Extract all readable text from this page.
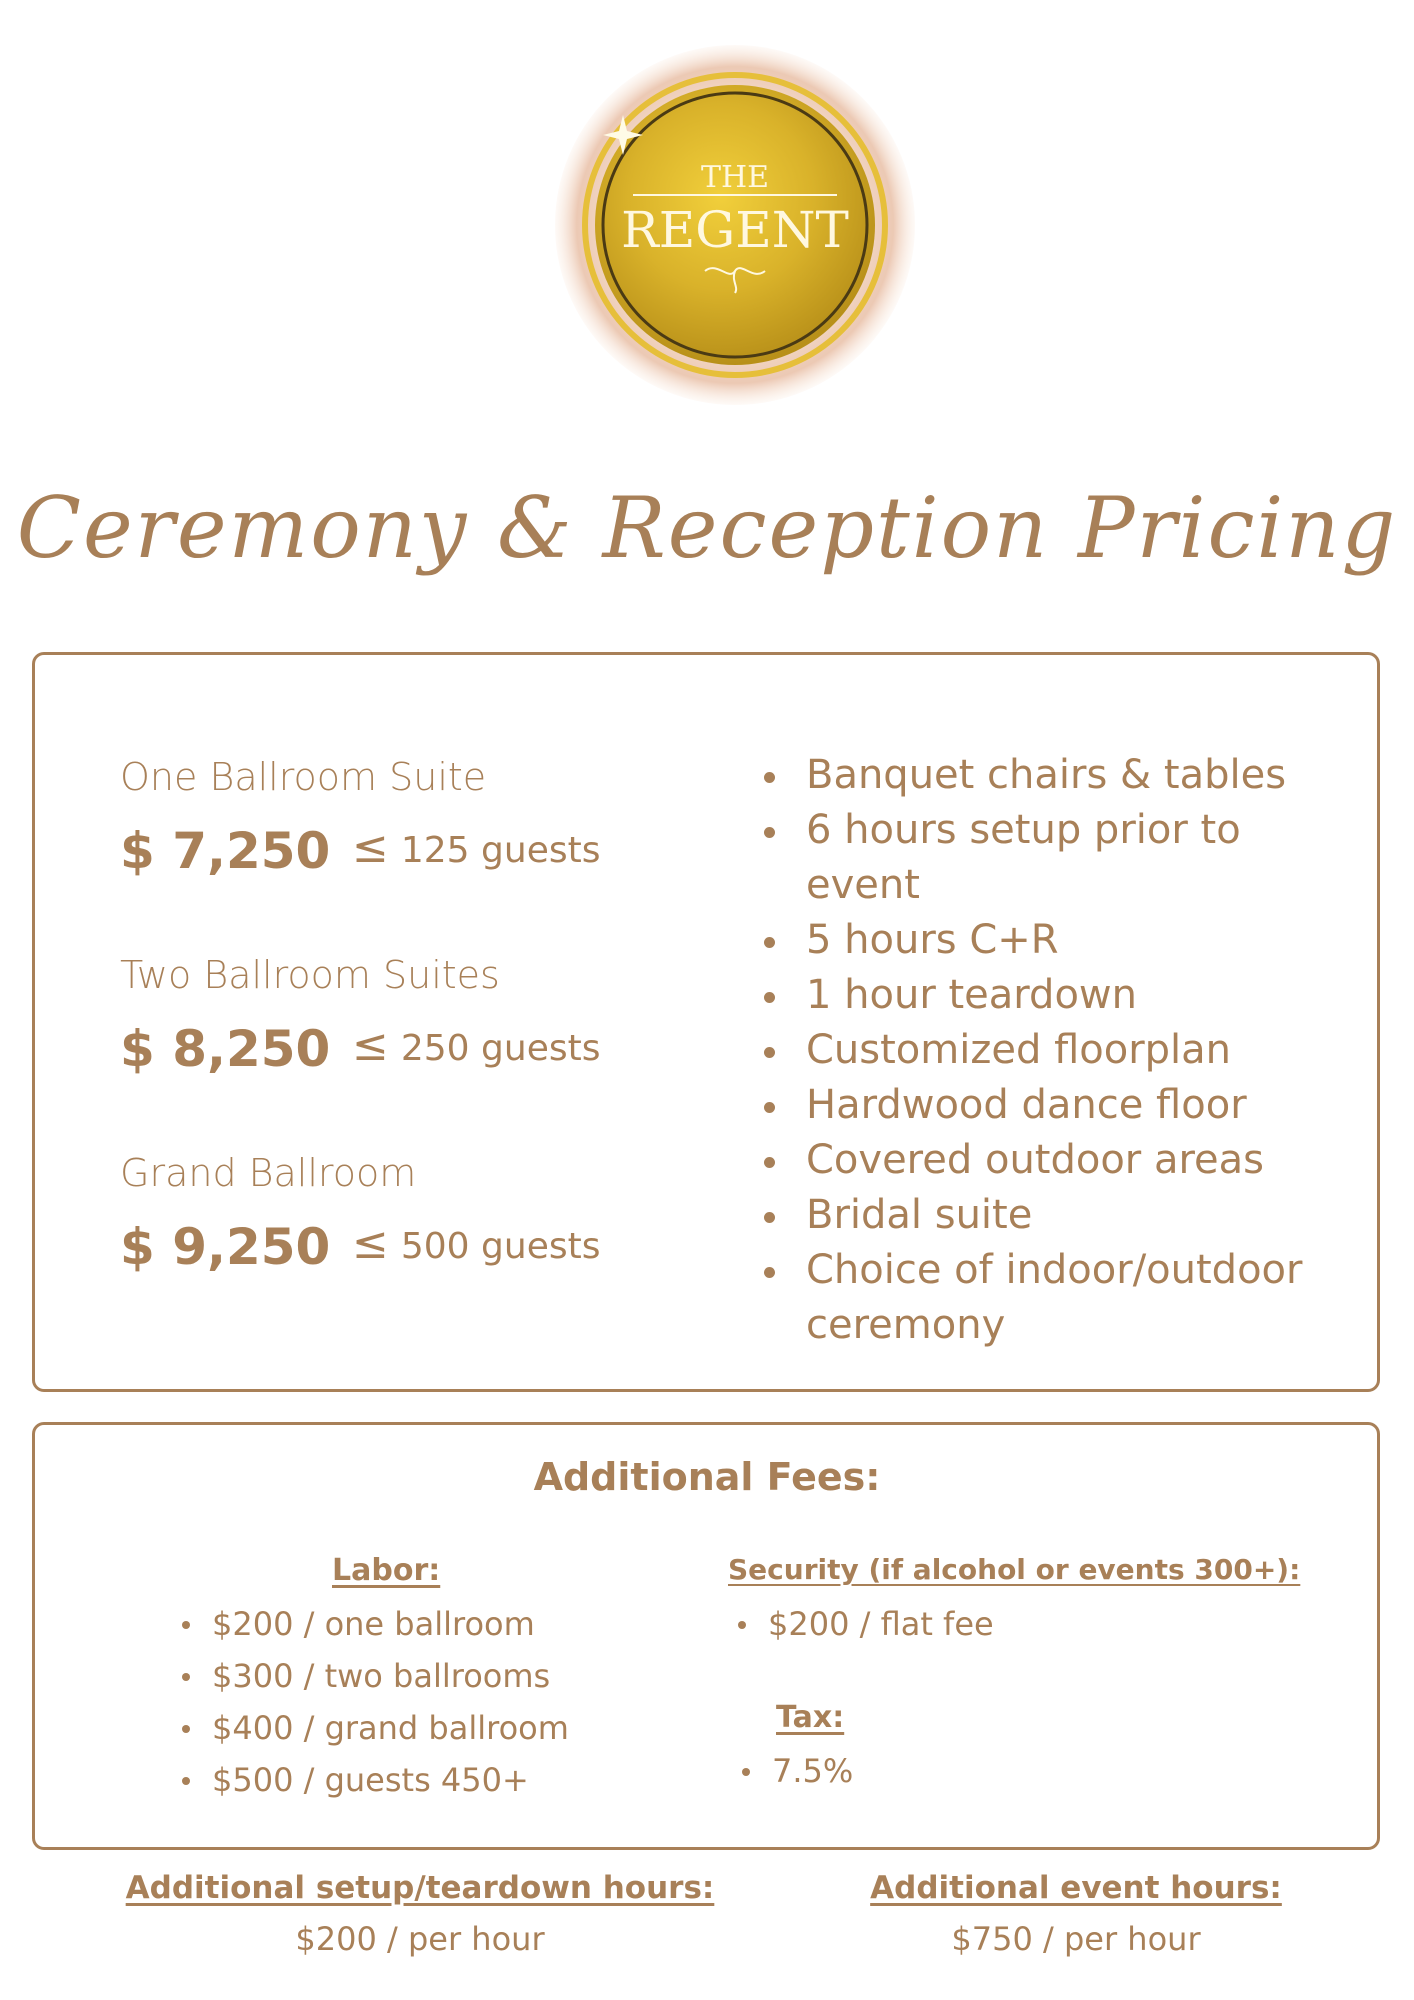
THE
REGENT
Ceremony & Reception Pricing
One Ballroom Suite
$ 7,250 ≤ 125 guests
Two Ballroom Suites
$ 8,250 ≤ 250 guests
Grand Ballroom
$ 9,250 ≤ 500 guests
Banquet chairs & tables
6 hours setup prior to event
5 hours C+R
1 hour teardown
Customized floorplan
Hardwood dance floor
Covered outdoor areas
Bridal suite
Choice of indoor/outdoor ceremony
Additional Fees:
Labor:
$200 / one ballroom
$300 / two ballrooms
$400 / grand ballroom
$500 / guests 450+
Security (if alcohol or events 300+):
$200 / flat fee
Tax:
7.5%
Additional setup/teardown hours:
$200 / per hour
Additional event hours:
$750 / per hour
